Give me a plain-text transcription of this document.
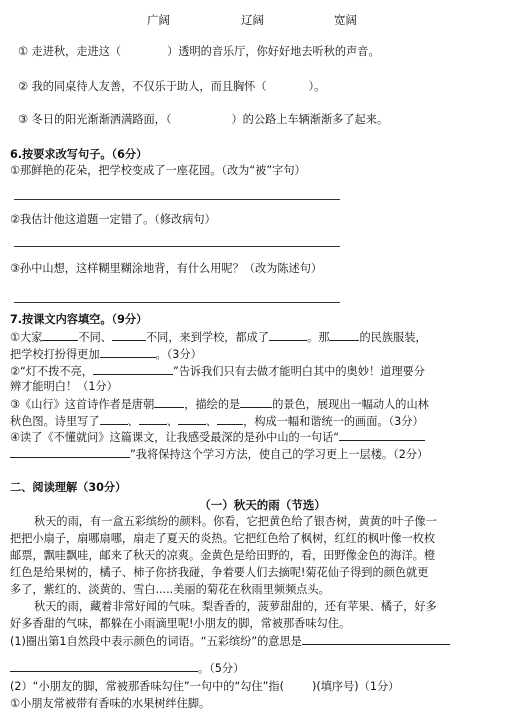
广阔	辽阔	宽阔
① 走进秋，走进这（	）透明的音乐厅，你好好地去听秋的声音。
② 我的同桌待人友善，不仅乐于助人，而且胸怀（	）。
③ 冬日的阳光渐渐洒满路面，（	）的公路上车辆渐渐多了起来。
6.按要求改写句子。（6分）
①那鲜艳的花朵，把学校变成了一座花园。（改为“被”字句）
②我估计他这道题一定错了。（修改病句）
③孙中山想，这样糊里糊涂地背，有什么用呢？（改为陈述句）
7.按课文内容填空。（9分）
①大家	不同、	不同，来到学校，都成了	。那	的民族服装，
把学校打扮得更加	。（3分）
②“灯不拨不亮，	”告诉我们只有去做才能明白其中的奥妙！道理要分
辨才能明白！（1分）
③《山行》这首诗作者是唐朝	，描绘的是	的景色，展现出一幅动人的山林
秋色图。诗里写了	、	、	、 ，构成一幅和谐统一的画面。（3分）
④读了《不懂就问》这篇课文，让我感受最深的是孙中山的一句话“
”我将保持这个学习方法，使自己的学习更上一层楼。（2分）
二、阅读理解（30分）
（一）秋天的雨（节选）
秋天的雨，有一盒五彩缤纷的颜料。你看，它把黄色给了银杏树，黄黄的叶子像一
把把小扇子，扇哪扇哪，扇走了夏天的炎热。它把红色给了枫树，红红的枫叶像一枚枚
邮票，飘哇飘哇，邮来了秋天的凉爽。金黄色是给田野的，看，田野像金色的海洋。橙
红色是给果树的，橘子、柿子你挤我碰，争着要人们去摘呢!菊花仙子得到的颜色就更
多了，紫红的、淡黄的、雪白.....美丽的菊花在秋雨里频频点头。
秋天的雨，藏着非常好闻的气味。梨香香的，菠萝甜甜的，还有苹果、橘子，好多
好多香甜的气味，都躲在小雨滴里呢!小朋友的脚，常被那香味勾住。
(1)圈出第1自然段中表示颜色的词语。“五彩缤纷”的意思是
。（5分）
(2）“小朋友的脚，常被那香味勾住”一句中的“勾住”指(	)(填序号)（1分）
①小朋友常被带有香味的水果树绊住脚。
